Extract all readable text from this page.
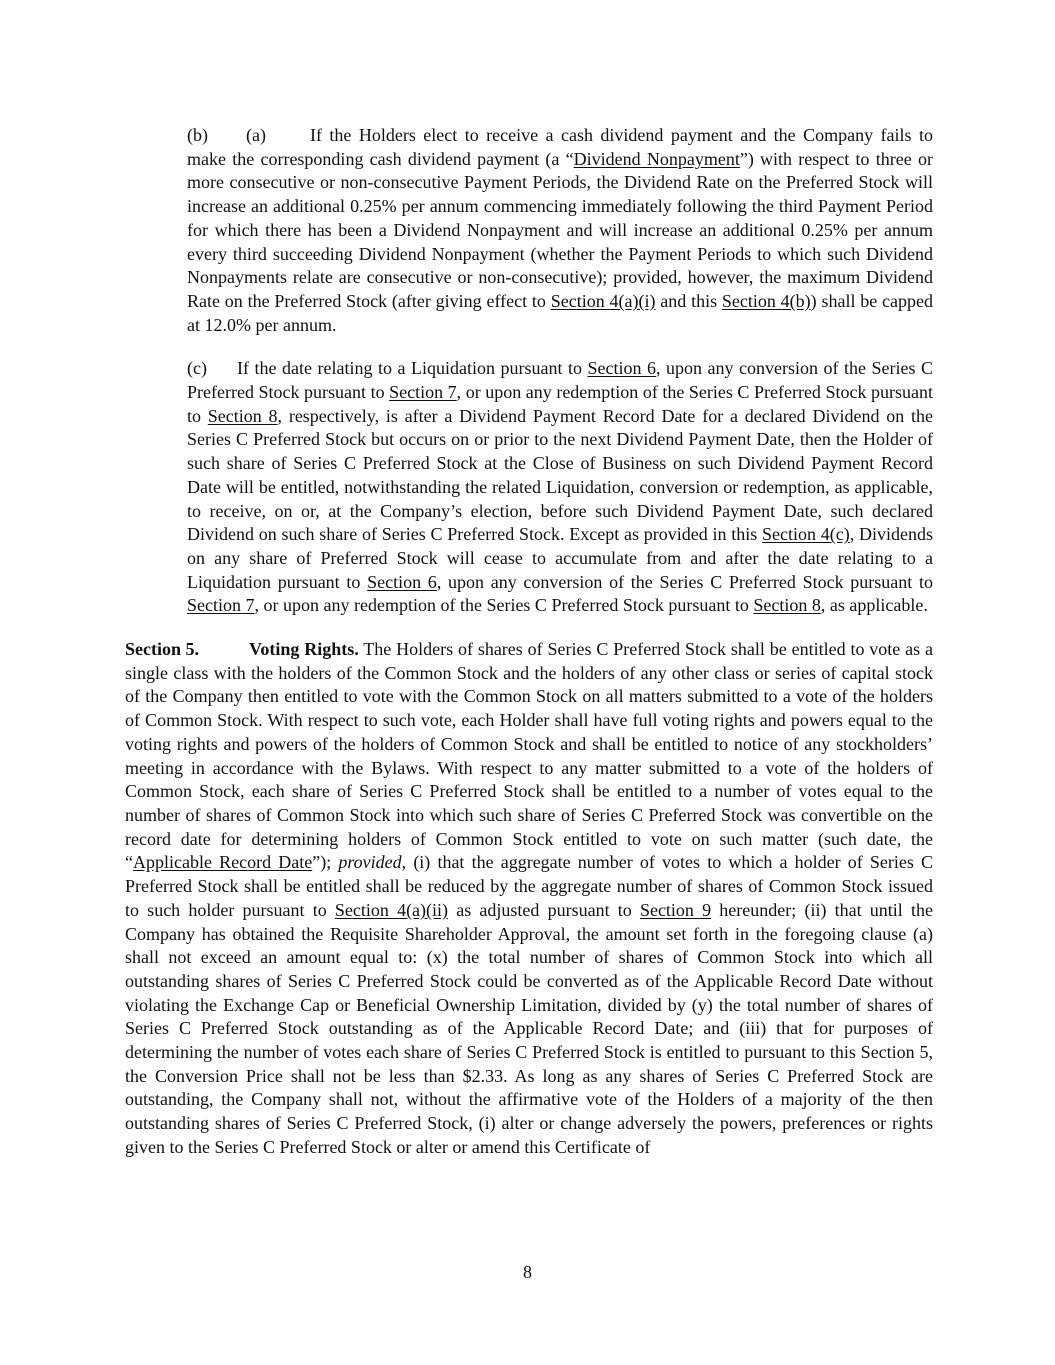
(b) (a) If the Holders elect to receive a cash dividend payment and the Company fails to make the corresponding cash dividend payment (a “Dividend Nonpayment”) with respect to three or more consecutive or non-consecutive Payment Periods, the Dividend Rate on the Preferred Stock will increase an additional 0.25% per annum commencing immediately following the third Payment Period for which there has been a Dividend Nonpayment and will increase an additional 0.25% per annum every third succeeding Dividend Nonpayment (whether the Payment Periods to which such Dividend Nonpayments relate are consecutive or non-consecutive); provided, however, the maximum Dividend Rate on the Preferred Stock (after giving effect to Section 4(a)(i) and this Section 4(b)) shall be capped at 12.0% per annum.

(c) If the date relating to a Liquidation pursuant to Section 6, upon any conversion of the Series C Preferred Stock pursuant to Section 7, or upon any redemption of the Series C Preferred Stock pursuant to Section 8, respectively, is after a Dividend Payment Record Date for a declared Dividend on the Series C Preferred Stock but occurs on or prior to the next Dividend Payment Date, then the Holder of such share of Series C Preferred Stock at the Close of Business on such Dividend Payment Record Date will be entitled, notwithstanding the related Liquidation, conversion or redemption, as applicable, to receive, on or, at the Company’s election, before such Dividend Payment Date, such declared Dividend on such share of Series C Preferred Stock. Except as provided in this Section 4(c), Dividends on any share of Preferred Stock will cease to accumulate from and after the date relating to a Liquidation pursuant to Section 6, upon any conversion of the Series C Preferred Stock pursuant to Section 7, or upon any redemption of the Series C Preferred Stock pursuant to Section 8, as applicable.

Section 5.	Voting Rights. The Holders of shares of Series C Preferred Stock shall be entitled to vote as a single class with the holders of the Common Stock and the holders of any other class or series of capital stock of the Company then entitled to vote with the Common Stock on all matters submitted to a vote of the holders of Common Stock. With respect to such vote, each Holder shall have full voting rights and powers equal to the voting rights and powers of the holders of Common Stock and shall be entitled to notice of any stockholders’ meeting in accordance with the Bylaws. With respect to any matter submitted to a vote of the holders of Common Stock, each share of Series C Preferred Stock shall be entitled to a number of votes equal to the number of shares of Common Stock into which such share of Series C Preferred Stock was convertible on the record date for determining holders of Common Stock entitled to vote on such matter (such date, the “Applicable Record Date”); provided, (i) that the aggregate number of votes to which a holder of Series C Preferred Stock shall be entitled shall be reduced by the aggregate number of shares of Common Stock issued to such holder pursuant to Section 4(a)(ii) as adjusted pursuant to Section 9 hereunder; (ii) that until the Company has obtained the Requisite Shareholder Approval, the amount set forth in the foregoing clause (a) shall not exceed an amount equal to: (x) the total number of shares of Common Stock into which all outstanding shares of Series C Preferred Stock could be converted as of the Applicable Record Date without violating the Exchange Cap or Beneficial Ownership Limitation, divided by (y) the total number of shares of Series C Preferred Stock outstanding as of the Applicable Record Date; and (iii) that for purposes of determining the number of votes each share of Series C Preferred Stock is entitled to pursuant to this Section 5, the Conversion Price shall not be less than $2.33. As long as any shares of Series C Preferred Stock are outstanding, the Company shall not, without the affirmative vote of the Holders of a majority of the then outstanding shares of Series C Preferred Stock, (i) alter or change adversely the powers, preferences or rights given to the Series C Preferred Stock or alter or amend this Certificate of

8
